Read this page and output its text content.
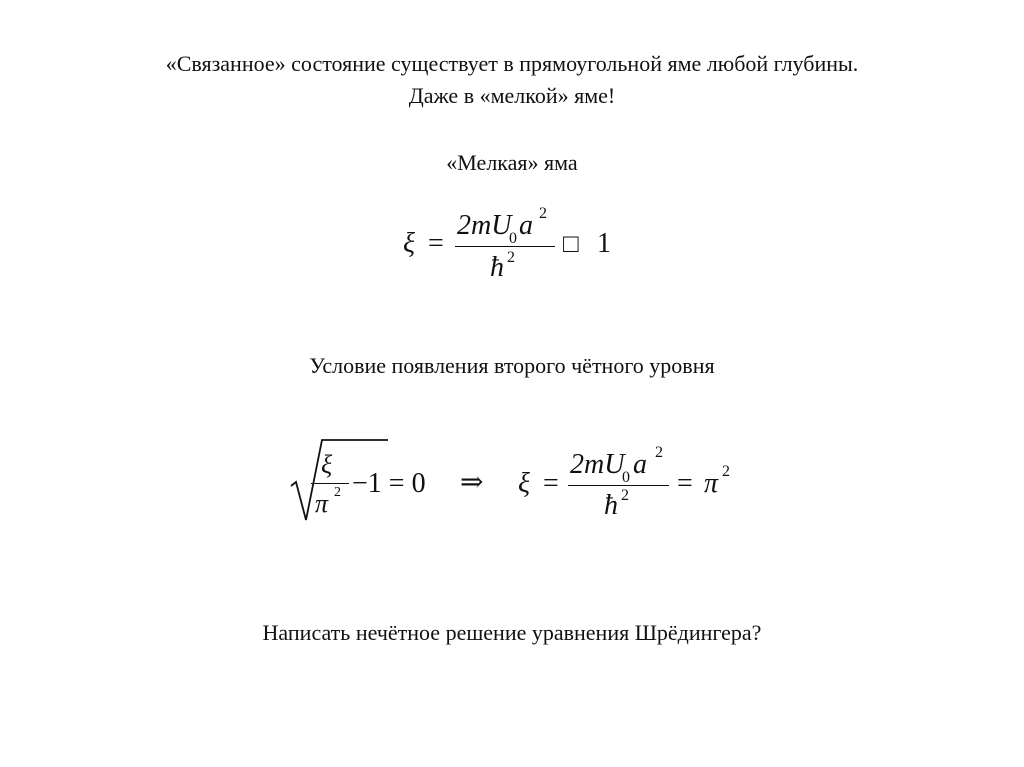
«Связанное» состояние существует в прямоугольной яме любой глубины.
Даже в «мелкой» яме!
«Мелкая» яма
ξ =
2mU
0 a 2
ħ 2 □ 1
Условие появления второго чётного уровня
ξ
π 2 −1 = 0 ⇒ ξ =
2mU
0 a 2
ħ 2 = π 2
Написать нечётное решение уравнения Шрёдингера?
